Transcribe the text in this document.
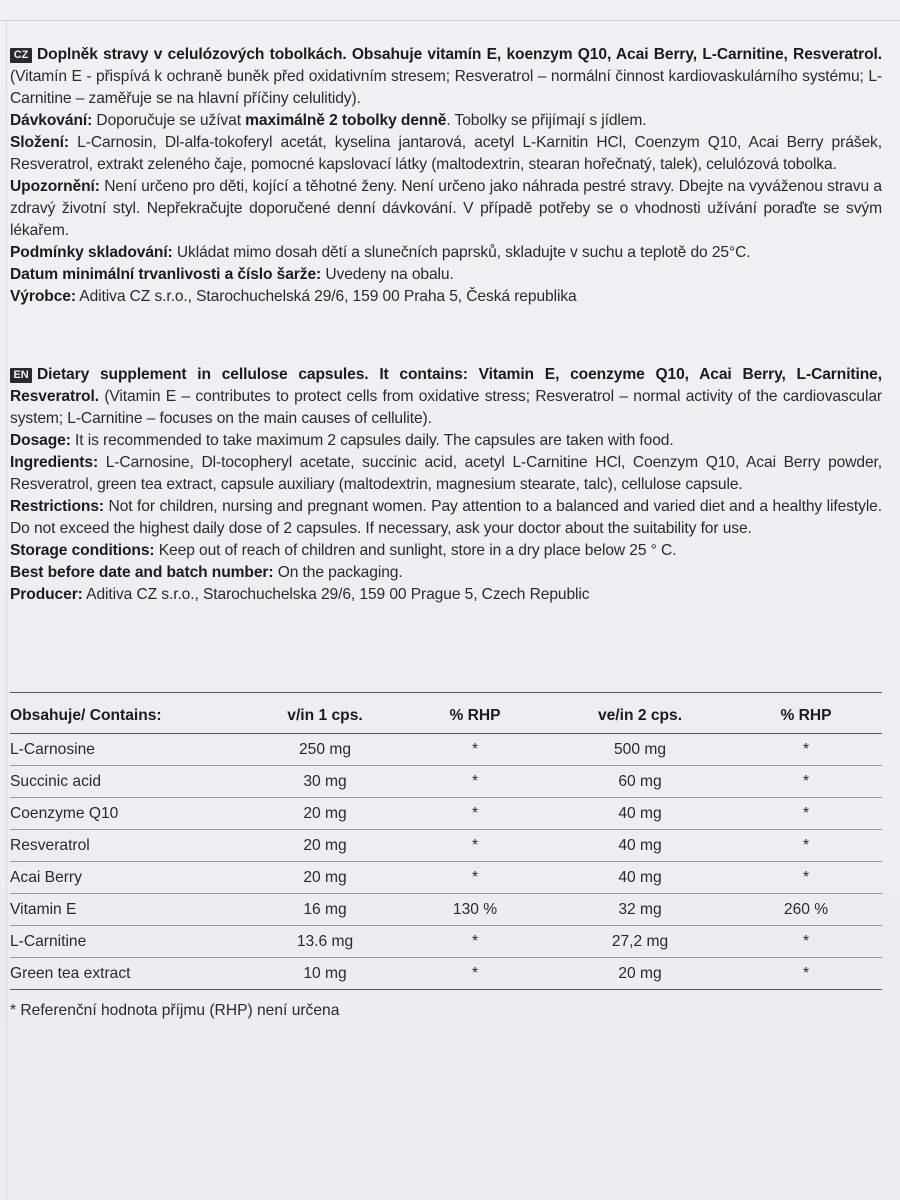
CZ Doplněk stravy v celulózových tobolkách. Obsahuje vitamín E, koenzym Q10, Acai Berry, L-Carnitine, Resveratrol. (Vitamín E - přispívá k ochraně buněk před oxidativním stresem; Resveratrol – normální činnost kardiovaskulárního systému; L-Carnitine – zaměřuje se na hlavní příčiny celulitidy).

Dávkování: Doporučuje se užívat maximálně 2 tobolky denně. Tobolky se přijímají s jídlem.

Složení: L-Carnosin, Dl-alfa-tokoferyl acetát, kyselina jantarová, acetyl L-Karnitin HCl, Coenzym Q10, Acai Berry prášek, Resveratrol, extrakt zeleného čaje, pomocné kapslovací látky (maltodextrin, stearan hořečnatý, talek), celulózová tobolka.

Upozornění: Není určeno pro děti, kojící a těhotné ženy. Není určeno jako náhrada pestré stravy. Dbejte na vyváženou stravu a zdravý životní styl. Nepřekračujte doporučené denní dávkování. V případě potřeby se o vhodnosti užívání poraďte se svým lékařem.

Podmínky skladování: Ukládat mimo dosah dětí a slunečních paprsků, skladujte v suchu a teplotě do 25°C.

Datum minimální trvanlivosti a číslo šarže: Uvedeny na obalu.

Výrobce: Aditiva CZ s.r.o., Starochuchelská 29/6, 159 00 Praha 5, Česká republika

EN Dietary supplement in cellulose capsules. It contains: Vitamin E, coenzyme Q10, Acai Berry, L-Carnitine, Resveratrol. (Vitamin E – contributes to protect cells from oxidative stress; Resveratrol – normal activity of the cardiovascular system; L-Carnitine – focuses on the main causes of cellulite).

Dosage: It is recommended to take maximum 2 capsules daily. The capsules are taken with food.

Ingredients: L-Carnosine, Dl-tocopheryl acetate, succinic acid, acetyl L-Carnitine HCl, Coenzym Q10, Acai Berry powder, Resveratrol, green tea extract, capsule auxiliary (maltodextrin, magnesium stearate, talc), cellulose capsule.

Restrictions: Not for children, nursing and pregnant women. Pay attention to a balanced and varied diet and a healthy lifestyle. Do not exceed the highest daily dose of 2 capsules. If necessary, ask your doctor about the suitability for use.

Storage conditions: Keep out of reach of children and sunlight, store in a dry place below 25 ° C.

Best before date and batch number: On the packaging.

Producer: Aditiva CZ s.r.o., Starochuchelska 29/6, 159 00 Prague 5, Czech Republic

Obsahuje/ Contains:	v/in 1 cps.	% RHP	ve/in 2 cps.	% RHP
L-Carnosine	250 mg	*	500 mg	*
Succinic acid	30 mg	*	60 mg	*
Coenzyme Q10	20 mg	*	40 mg	*
Resveratrol	20 mg	*	40 mg	*
Acai Berry	20 mg	*	40 mg	*
Vitamin E	16 mg	130 %	32 mg	260 %
L-Carnitine	13.6 mg	*	27,2 mg	*
Green tea extract	10 mg	*	20 mg	*
* Referenční hodnota příjmu (RHP) není určena
